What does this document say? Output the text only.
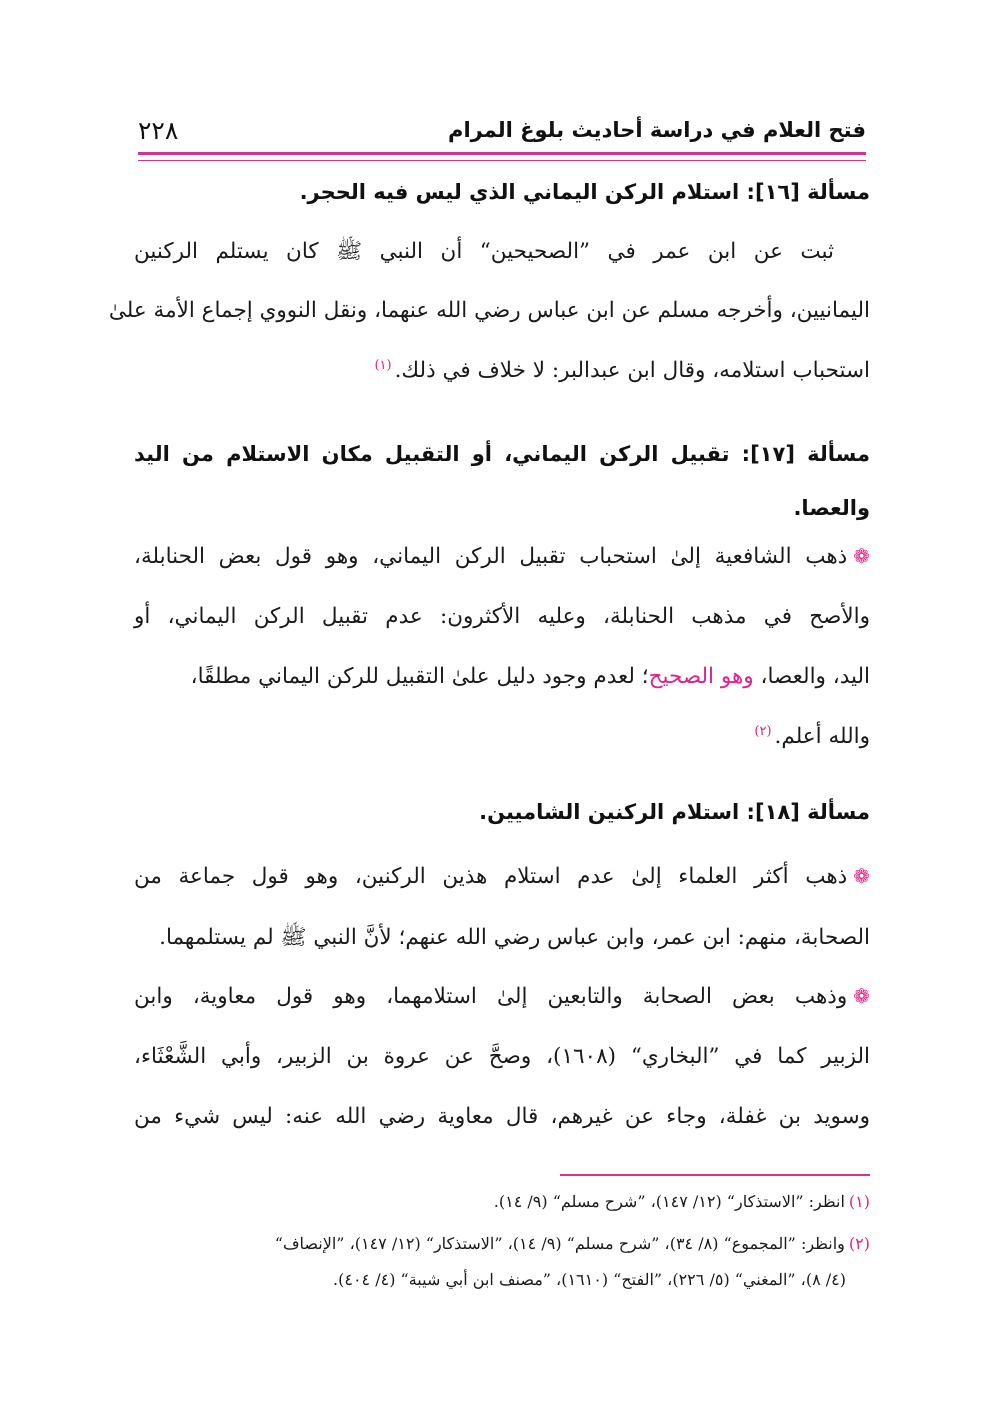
فتح العلام في دراسة أحاديث بلوغ المرام
٢٢٨
مسألة [١٦]: استلام الركن اليماني الذي ليس فيه الحجر.
ثبت عن ابن عمر في ”الصحيحين“ أن النبي ﷺ كان يستلم الركنين
اليمانيين، وأخرجه مسلم عن ابن عباس رضي الله عنهما، ونقل النووي إجماع الأمة علىٰ
استحباب استلامه، وقال ابن عبدالبر: لا خلاف في ذلك.$^{(١)}$
مسألة [١٧]: تقبيل الركن اليماني، أو التقبيل مكان الاستلام من اليد
والعصا.
❁ذهب الشافعية إلىٰ استحباب تقبيل الركن اليماني، وهو قول بعض الحنابلة،
والأصح في مذهب الحنابلة، وعليه الأكثرون: عدم تقبيل الركن اليماني، أو
اليد، والعصا، وهو الصحيح؛ لعدم وجود دليل علىٰ التقبيل للركن اليماني مطلقًا،
والله أعلم.$^{(٢)}$
مسألة [١٨]: استلام الركنين الشاميين.
❁ذهب أكثر العلماء إلىٰ عدم استلام هذين الركنين، وهو قول جماعة من
الصحابة، منهم: ابن عمر، وابن عباس رضي الله عنهم؛ لأنَّ النبي ﷺ لم يستلمهما.
❁وذهب بعض الصحابة والتابعين إلىٰ استلامهما، وهو قول معاوية، وابن
الزبير كما في ”البخاري“ (١٦٠٨)، وصحَّ عن عروة بن الزبير، وأبي الشَّعْثَاء،
وسويد بن غفلة، وجاء عن غيرهم، قال معاوية رضي الله عنه: ليس شيء من
(١)انظر: ”الاستذكار“ (١٢/ ١٤٧)، ”شرح مسلم“ (٩/ ١٤).
(٢)وانظر: ”المجموع“ (٨/ ٣٤)، ”شرح مسلم“ (٩/ ١٤)، ”الاستذكار“ (١٢/ ١٤٧)، ”الإنصاف“
(٤/ ٨)، ”المغني“ (٥/ ٢٢٦)، ”الفتح“ (١٦١٠)، ”مصنف ابن أبي شيبة“ (٤/ ٤٠٤).
